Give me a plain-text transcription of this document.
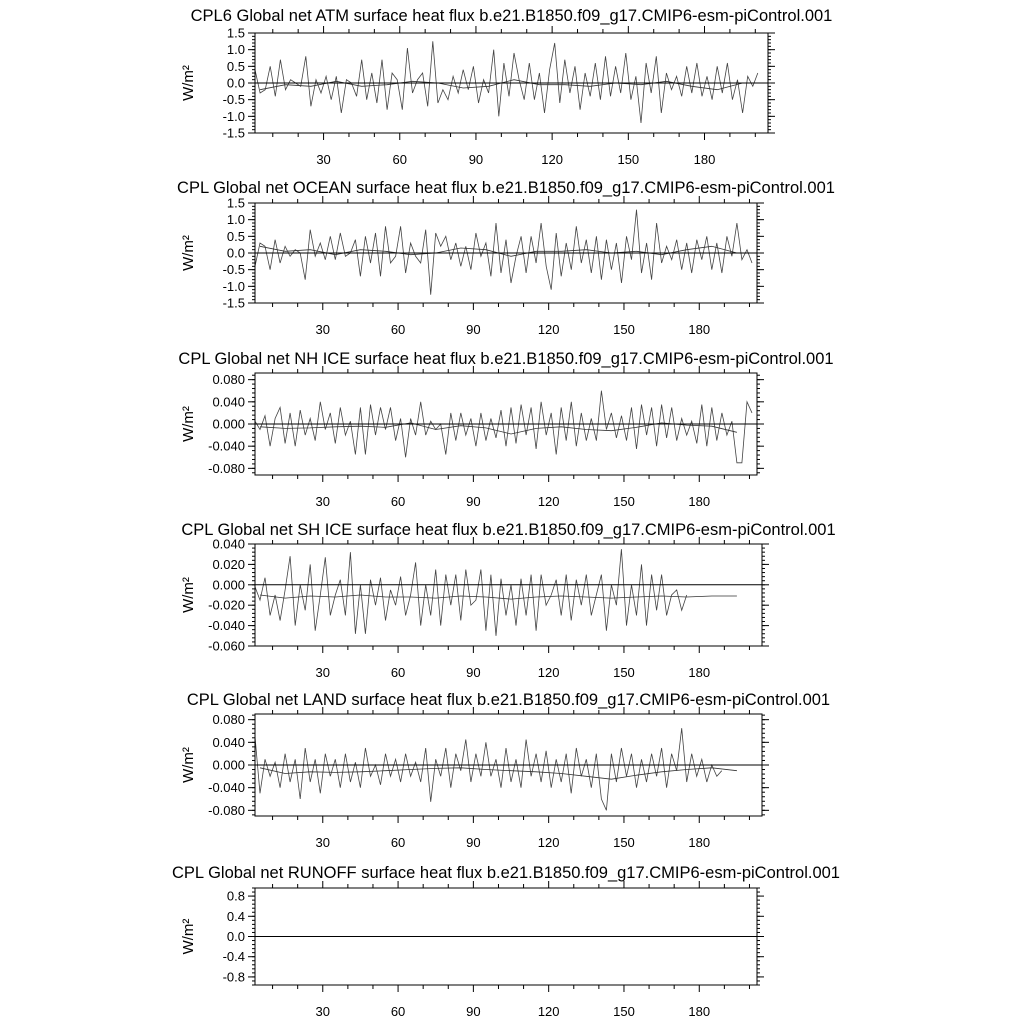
CPL6 Global net ATM surface heat flux b.e21.B1850.f09_g17.CMIP6-esm-piControl.001
W/m²
30	60	90	120	150	180
-1.5
-1.0
-0.5
0.0
0.5
1.0
1.5
CPL Global net OCEAN surface heat flux b.e21.B1850.f09_g17.CMIP6-esm-piControl.001
W/m²
30	60	90	120	150	180
-1.5
-1.0
-0.5
0.0
0.5
1.0
1.5
CPL Global net NH ICE surface heat flux b.e21.B1850.f09_g17.CMIP6-esm-piControl.001
W/m²
30	60	90	120	150	180
-0.080
-0.040
0.000
0.040
0.080
CPL Global net SH ICE surface heat flux b.e21.B1850.f09_g17.CMIP6-esm-piControl.001
W/m²
30	60	90	120	150	180
-0.060
-0.040
-0.020
0.000
0.020
0.040
CPL Global net LAND surface heat flux b.e21.B1850.f09_g17.CMIP6-esm-piControl.001
W/m²
30	60	90	120	150	180
-0.080
-0.040
0.000
0.040
0.080
CPL Global net RUNOFF surface heat flux b.e21.B1850.f09_g17.CMIP6-esm-piControl.001
W/m²
30	60	90	120	150	180
-0.8
-0.4
0.0
0.4
0.8
